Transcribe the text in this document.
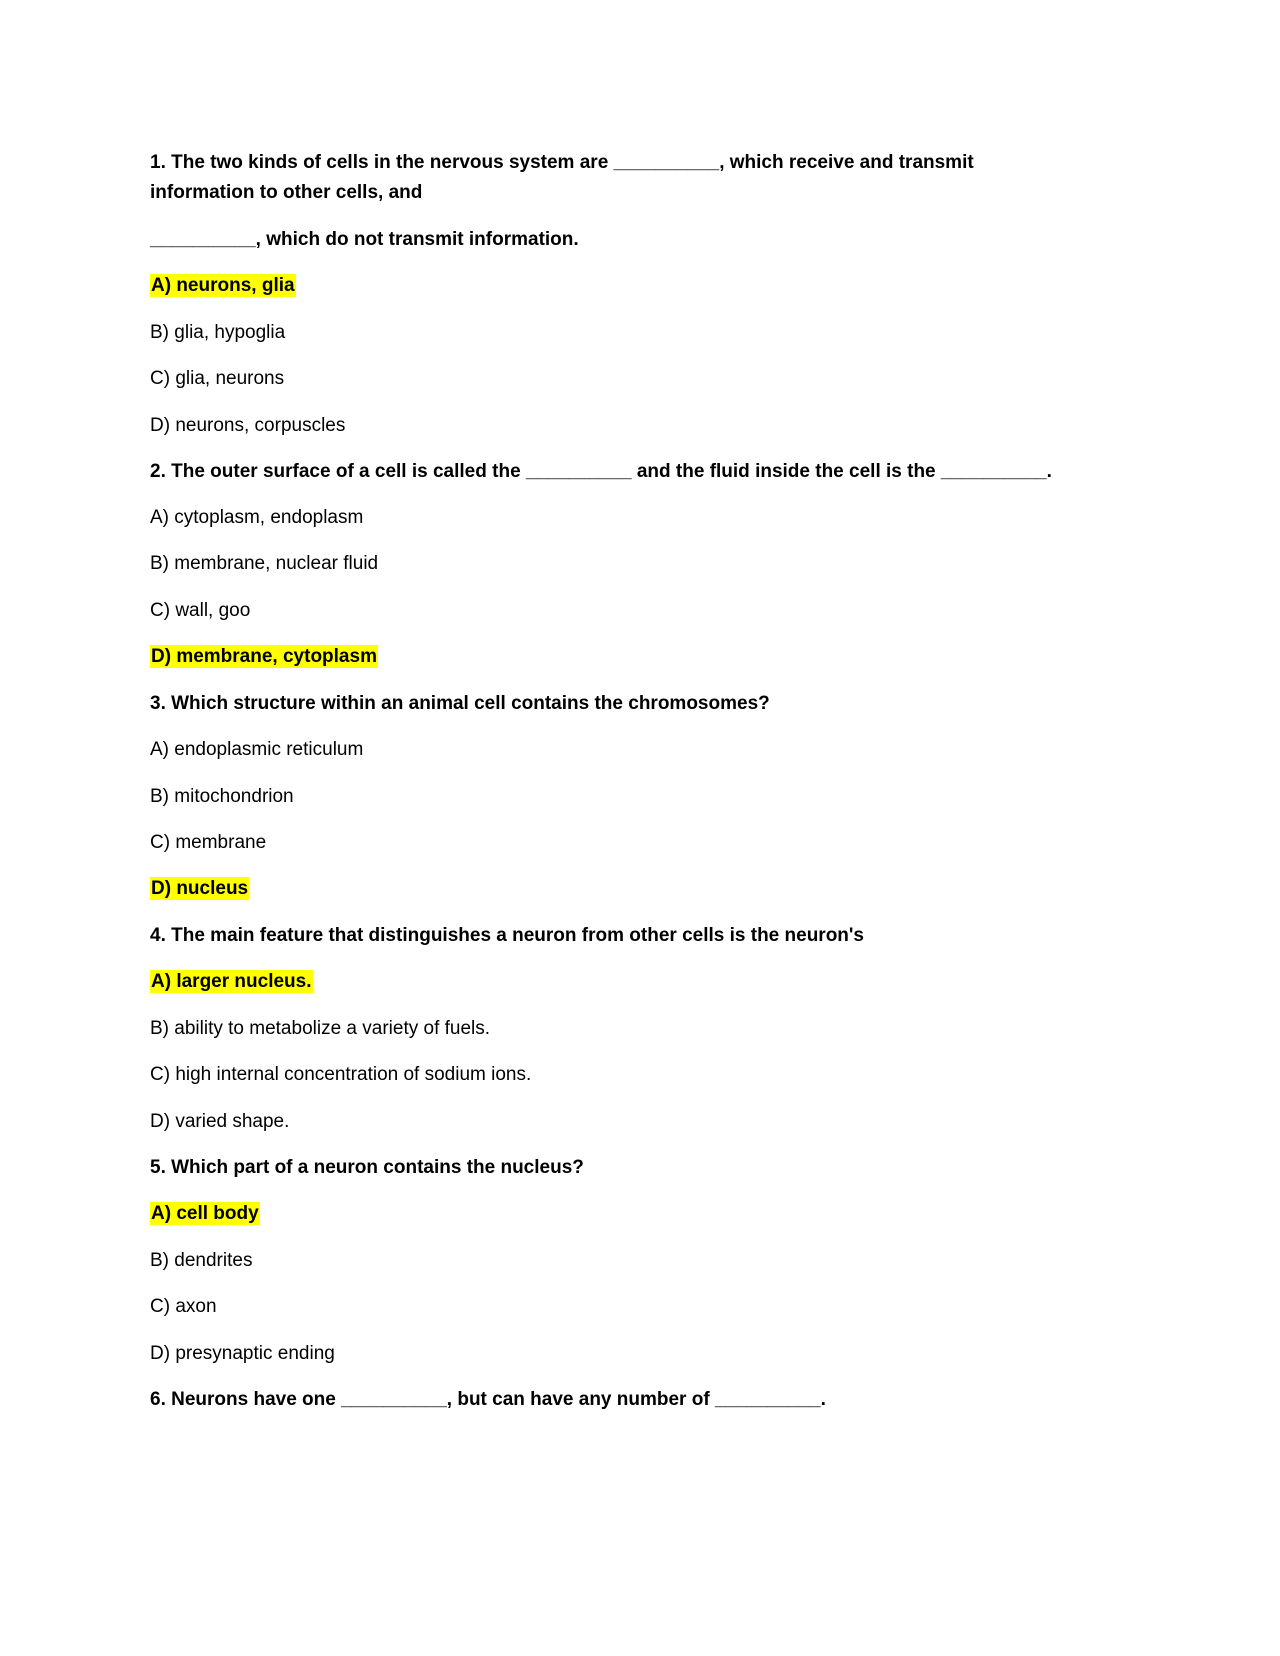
1. The two kinds of cells in the nervous system are __________, which receive and transmit
information to other cells, and
__________, which do not transmit information.
A) neurons, glia
B) glia, hypoglia
C) glia, neurons
D) neurons, corpuscles
2. The outer surface of a cell is called the __________ and the fluid inside the cell is the __________.
A) cytoplasm, endoplasm
B) membrane, nuclear fluid
C) wall, goo
D) membrane, cytoplasm
3. Which structure within an animal cell contains the chromosomes?
A) endoplasmic reticulum
B) mitochondrion
C) membrane
D) nucleus
4. The main feature that distinguishes a neuron from other cells is the neuron's
A) larger nucleus.
B) ability to metabolize a variety of fuels.
C) high internal concentration of sodium ions.
D) varied shape.
5. Which part of a neuron contains the nucleus?
A) cell body
B) dendrites
C) axon
D) presynaptic ending
6. Neurons have one __________, but can have any number of __________.
